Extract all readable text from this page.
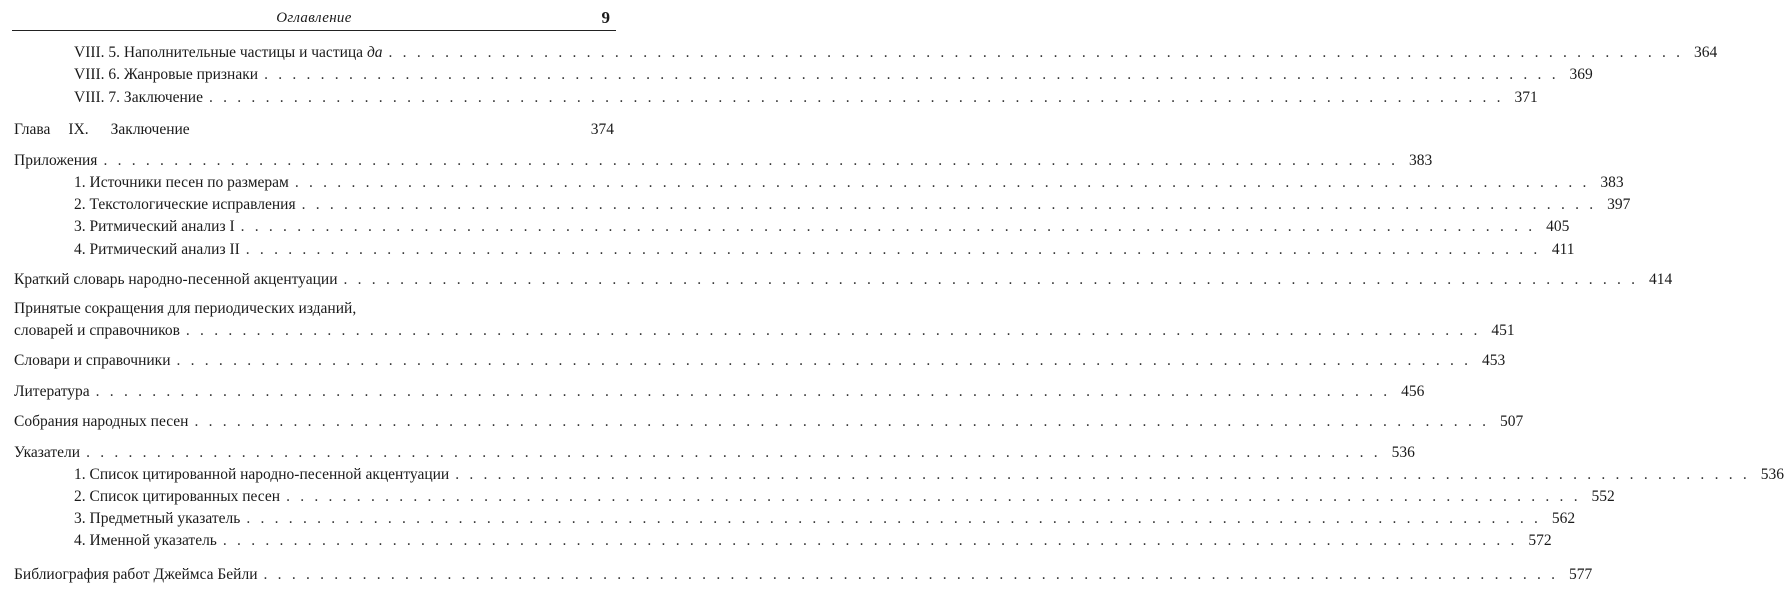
Оглавление	9
VIII. 5. Наполнительные частицы и частица да . . . . . . . . . . . . . . . . . . . . . . . . . . . . . . . . . . . . . . . . . . . . . . . . . . . . . . . . . . . . . . . . . . . . . . . . . . . . . . . . . . . . . . . . . . . . 364
VIII. 6. Жанровые признаки . . . . . . . . . . . . . . . . . . . . . . . . . . . . . . . . . . . . . . . . . . . . . . . . . . . . . . . . . . . . . . . . . . . . . . . . . . . . . . . . . . . . . . . . . . . . 369
VIII. 7. Заключение . . . . . . . . . . . . . . . . . . . . . . . . . . . . . . . . . . . . . . . . . . . . . . . . . . . . . . . . . . . . . . . . . . . . . . . . . . . . . . . . . . . . . . . . . . . . 371
Глава IX. Заключение	374
Приложения . . . . . . . . . . . . . . . . . . . . . . . . . . . . . . . . . . . . . . . . . . . . . . . . . . . . . . . . . . . . . . . . . . . . . . . . . . . . . . . . . . . . . . . . . . . . 383
1. Источники песен по размерам . . . . . . . . . . . . . . . . . . . . . . . . . . . . . . . . . . . . . . . . . . . . . . . . . . . . . . . . . . . . . . . . . . . . . . . . . . . . . . . . . . . . . . . . . . . . 383
2. Текстологические исправления . . . . . . . . . . . . . . . . . . . . . . . . . . . . . . . . . . . . . . . . . . . . . . . . . . . . . . . . . . . . . . . . . . . . . . . . . . . . . . . . . . . . . . . . . . . . 397
3. Ритмический анализ I . . . . . . . . . . . . . . . . . . . . . . . . . . . . . . . . . . . . . . . . . . . . . . . . . . . . . . . . . . . . . . . . . . . . . . . . . . . . . . . . . . . . . . . . . . . . 405
4. Ритмический анализ II . . . . . . . . . . . . . . . . . . . . . . . . . . . . . . . . . . . . . . . . . . . . . . . . . . . . . . . . . . . . . . . . . . . . . . . . . . . . . . . . . . . . . . . . . . . . 411
Краткий словарь народно-песенной акцентуации . . . . . . . . . . . . . . . . . . . . . . . . . . . . . . . . . . . . . . . . . . . . . . . . . . . . . . . . . . . . . . . . . . . . . . . . . . . . . . . . . . . . . . . . . . . . 414
Принятые сокращения для периодических изданий,
словарей и справочников . . . . . . . . . . . . . . . . . . . . . . . . . . . . . . . . . . . . . . . . . . . . . . . . . . . . . . . . . . . . . . . . . . . . . . . . . . . . . . . . . . . . . . . . . . . . 451
Словари и справочники . . . . . . . . . . . . . . . . . . . . . . . . . . . . . . . . . . . . . . . . . . . . . . . . . . . . . . . . . . . . . . . . . . . . . . . . . . . . . . . . . . . . . . . . . . . . 453
Литература . . . . . . . . . . . . . . . . . . . . . . . . . . . . . . . . . . . . . . . . . . . . . . . . . . . . . . . . . . . . . . . . . . . . . . . . . . . . . . . . . . . . . . . . . . . . 456
Собрания народных песен . . . . . . . . . . . . . . . . . . . . . . . . . . . . . . . . . . . . . . . . . . . . . . . . . . . . . . . . . . . . . . . . . . . . . . . . . . . . . . . . . . . . . . . . . . . . 507
Указатели . . . . . . . . . . . . . . . . . . . . . . . . . . . . . . . . . . . . . . . . . . . . . . . . . . . . . . . . . . . . . . . . . . . . . . . . . . . . . . . . . . . . . . . . . . . . 536
1. Список цитированной народно-песенной акцентуации . . . . . . . . . . . . . . . . . . . . . . . . . . . . . . . . . . . . . . . . . . . . . . . . . . . . . . . . . . . . . . . . . . . . . . . . . . . . . . . . . . . . . . . . . . . . 536
2. Список цитированных песен . . . . . . . . . . . . . . . . . . . . . . . . . . . . . . . . . . . . . . . . . . . . . . . . . . . . . . . . . . . . . . . . . . . . . . . . . . . . . . . . . . . . . . . . . . . . 552
3. Предметный указатель . . . . . . . . . . . . . . . . . . . . . . . . . . . . . . . . . . . . . . . . . . . . . . . . . . . . . . . . . . . . . . . . . . . . . . . . . . . . . . . . . . . . . . . . . . . . 562
4. Именной указатель . . . . . . . . . . . . . . . . . . . . . . . . . . . . . . . . . . . . . . . . . . . . . . . . . . . . . . . . . . . . . . . . . . . . . . . . . . . . . . . . . . . . . . . . . . . . 572
Библиография работ Джеймса Бейли . . . . . . . . . . . . . . . . . . . . . . . . . . . . . . . . . . . . . . . . . . . . . . . . . . . . . . . . . . . . . . . . . . . . . . . . . . . . . . . . . . . . . . . . . . . . 577
